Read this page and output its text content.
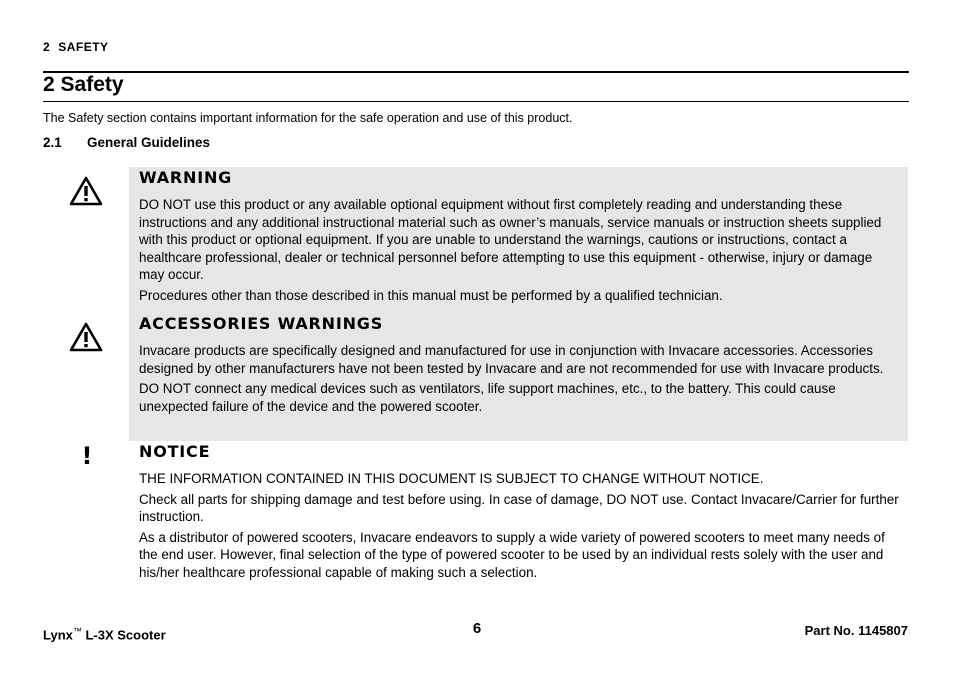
2 SAFETY
2 Safety
The Safety section contains important information for the safe operation and use of this product.
2.1 General Guidelines

WARNING

DO NOT use this product or any available optional equipment without first completely reading and understanding these instructions and any additional instructional material such as owner’s manuals, service manuals or instruction sheets supplied with this product or optional equipment. If you are unable to understand the warnings, cautions or instructions, contact a healthcare professional, dealer or technical personnel before attempting to use this equipment - otherwise, injury or damage may occur.

Procedures other than those described in this manual must be performed by a qualified technician.

ACCESSORIES WARNINGS

Invacare products are specifically designed and manufactured for use in conjunction with Invacare accessories. Accessories designed by other manufacturers have not been tested by Invacare and are not recommended for use with Invacare products.

DO NOT connect any medical devices such as ventilators, life support machines, etc., to the battery. This could cause unexpected failure of the device and the powered scooter.

!	NOTICE

THE INFORMATION CONTAINED IN THIS DOCUMENT IS SUBJECT TO CHANGE WITHOUT NOTICE.

Check all parts for shipping damage and test before using. In case of damage, DO NOT use. Contact Invacare/Carrier for further instruction.

As a distributor of powered scooters, Invacare endeavors to supply a wide variety of powered scooters to meet many needs of the end user. However, final selection of the type of powered scooter to be used by an individual rests solely with the user and his/her healthcare professional capable of making such a selection.

Lynx™ L-3X Scooter	6	Part No. 1145807
